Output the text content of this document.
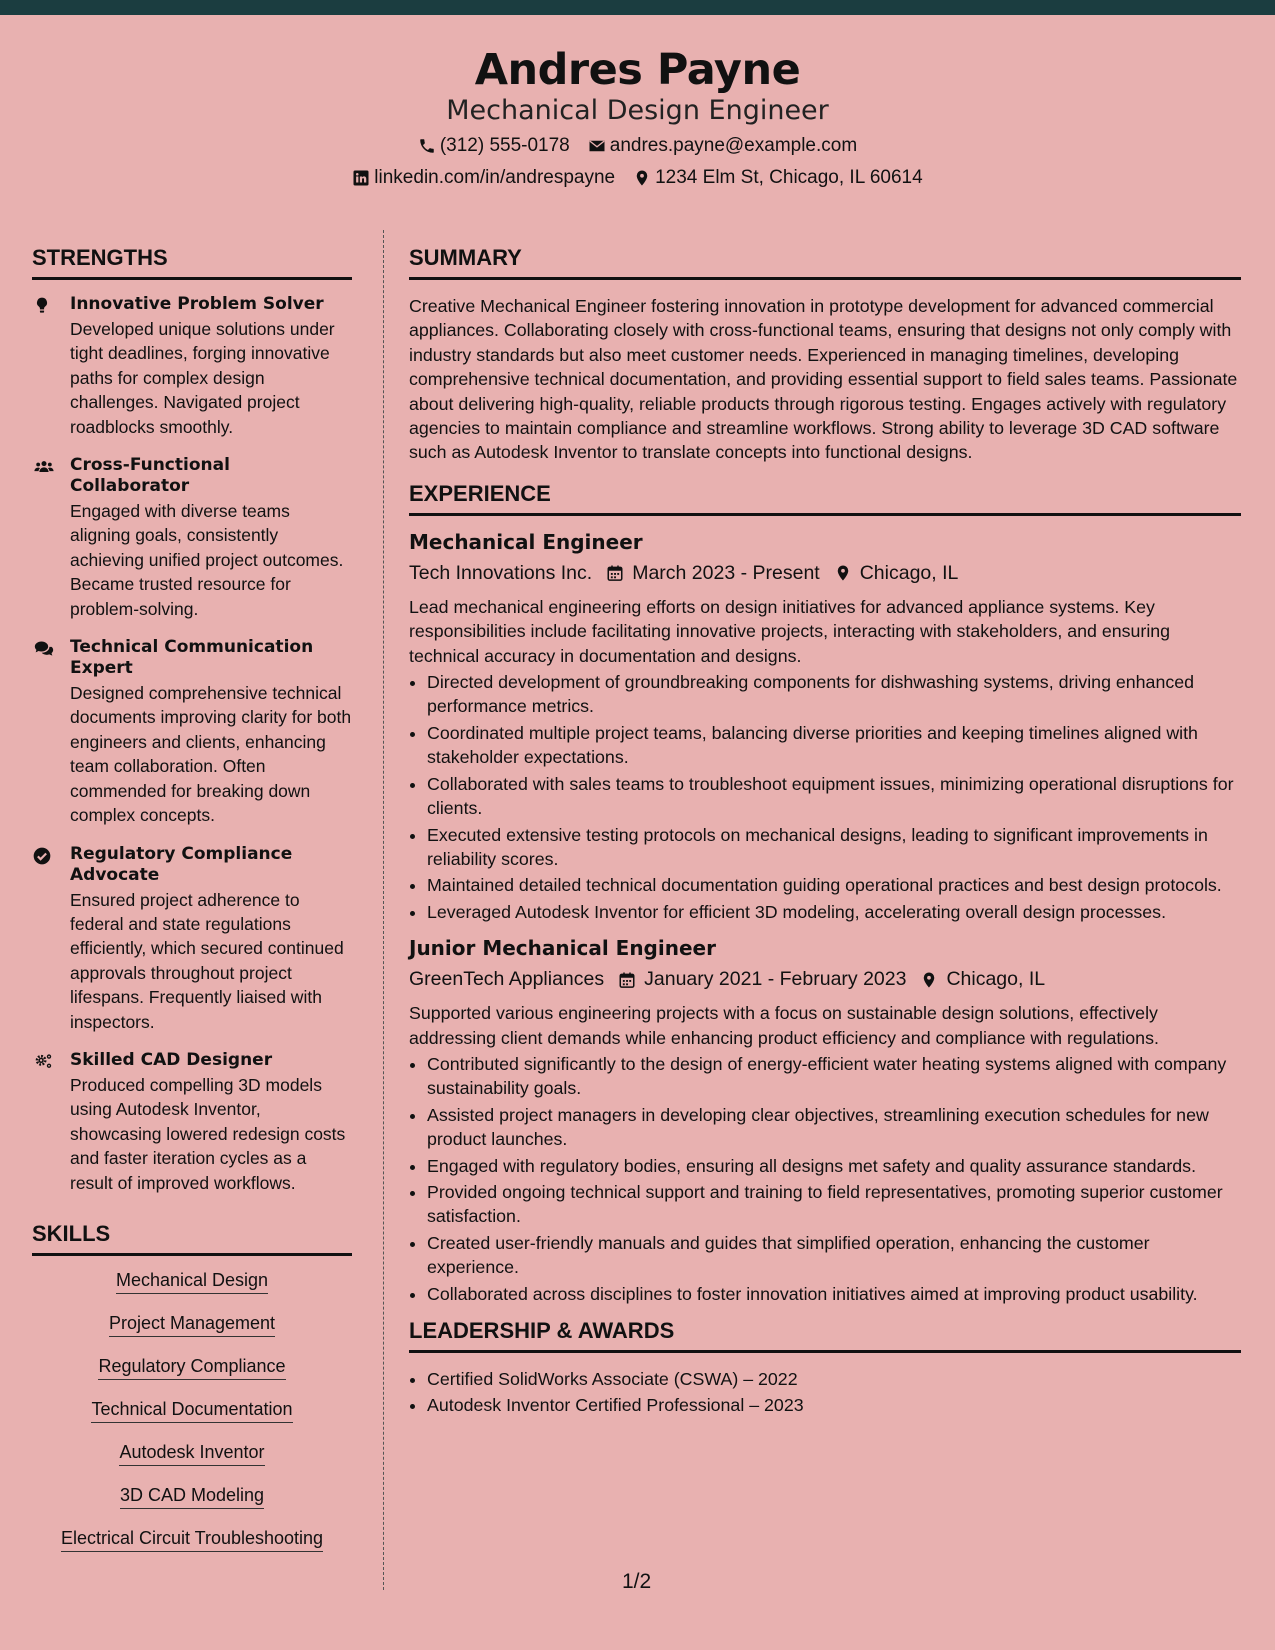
Andres Payne
Mechanical Design Engineer
(312) 555-0178 andres.payne@example.com
linkedin.com/in/andrespayne 1234 Elm St, Chicago, IL 60614
STRENGTHS
Innovative Problem Solver
Developed unique solutions under tight deadlines, forging innovative paths for complex design challenges. Navigated project roadblocks smoothly.
Cross-Functional Collaborator
Engaged with diverse teams aligning goals, consistently achieving unified project outcomes. Became trusted resource for problem-solving.
Technical Communication Expert
Designed comprehensive technical documents improving clarity for both engineers and clients, enhancing team collaboration. Often commended for breaking down complex concepts.
Regulatory Compliance Advocate
Ensured project adherence to federal and state regulations efficiently, which secured continued approvals throughout project lifespans. Frequently liaised with inspectors.
Skilled CAD Designer
Produced compelling 3D models using Autodesk Inventor, showcasing lowered redesign costs and faster iteration cycles as a result of improved workflows.
SKILLS
Mechanical Design
Project Management
Regulatory Compliance
Technical Documentation
Autodesk Inventor
3D CAD Modeling
Electrical Circuit Troubleshooting
SUMMARY
Creative Mechanical Engineer fostering innovation in prototype development for advanced commercial appliances. Collaborating closely with cross-functional teams, ensuring that designs not only comply with industry standards but also meet customer needs. Experienced in managing timelines, developing comprehensive technical documentation, and providing essential support to field sales teams. Passionate about delivering high-quality, reliable products through rigorous testing. Engages actively with regulatory agencies to maintain compliance and streamline workflows. Strong ability to leverage 3D CAD software such as Autodesk Inventor to translate concepts into functional designs.
EXPERIENCE
Mechanical Engineer
Tech Innovations Inc. March 2023 - Present Chicago, IL
Lead mechanical engineering efforts on design initiatives for advanced appliance systems. Key responsibilities include facilitating innovative projects, interacting with stakeholders, and ensuring technical accuracy in documentation and designs.
• Directed development of groundbreaking components for dishwashing systems, driving enhanced performance metrics.
• Coordinated multiple project teams, balancing diverse priorities and keeping timelines aligned with stakeholder expectations.
• Collaborated with sales teams to troubleshoot equipment issues, minimizing operational disruptions for clients.
• Executed extensive testing protocols on mechanical designs, leading to significant improvements in reliability scores.
• Maintained detailed technical documentation guiding operational practices and best design protocols.
• Leveraged Autodesk Inventor for efficient 3D modeling, accelerating overall design processes.
Junior Mechanical Engineer
GreenTech Appliances January 2021 - February 2023 Chicago, IL
Supported various engineering projects with a focus on sustainable design solutions, effectively addressing client demands while enhancing product efficiency and compliance with regulations.
• Contributed significantly to the design of energy-efficient water heating systems aligned with company sustainability goals.
• Assisted project managers in developing clear objectives, streamlining execution schedules for new product launches.
• Engaged with regulatory bodies, ensuring all designs met safety and quality assurance standards.
• Provided ongoing technical support and training to field representatives, promoting superior customer satisfaction.
• Created user-friendly manuals and guides that simplified operation, enhancing the customer experience.
• Collaborated across disciplines to foster innovation initiatives aimed at improving product usability.
LEADERSHIP & AWARDS
• Certified SolidWorks Associate (CSWA) – 2022
• Autodesk Inventor Certified Professional – 2023
1/2
